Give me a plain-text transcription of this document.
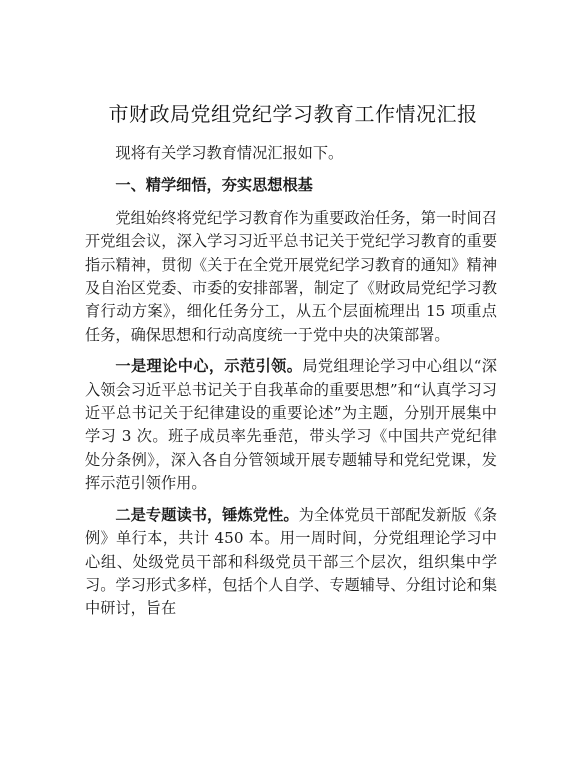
市财政局党组党纪学习教育工作情况汇报

现将有关学习教育情况汇报如下。

一、精学细悟，夯实思想根基

党组始终将党纪学习教育作为重要政治任务，第一时间召开党组会议，深入学习习近平总书记关于党纪学习教育的重要指示精神，贯彻《关于在全党开展党纪学习教育的通知》精神及自治区党委、市委的安排部署，制定了《财政局党纪学习教育行动方案》，细化任务分工，从五个层面梳理出 15 项重点任务，确保思想和行动高度统一于党中央的决策部署。

一是理论中心，示范引领。局党组理论学习中心组以“深入领会习近平总书记关于自我革命的重要思想”和“认真学习习近平总书记关于纪律建设的重要论述”为主题，分别开展集中学习 3 次。班子成员率先垂范，带头学习《中国共产党纪律处分条例》，深入各自分管领域开展专题辅导和党纪党课，发挥示范引领作用。

二是专题读书，锤炼党性。为全体党员干部配发新版《条例》单行本，共计 450 本。用一周时间，分党组理论学习中心组、处级党员干部和科级党员干部三个层次，组织集中学习。学习形式多样，包括个人自学、专题辅导、分组讨论和集中研讨，旨在
